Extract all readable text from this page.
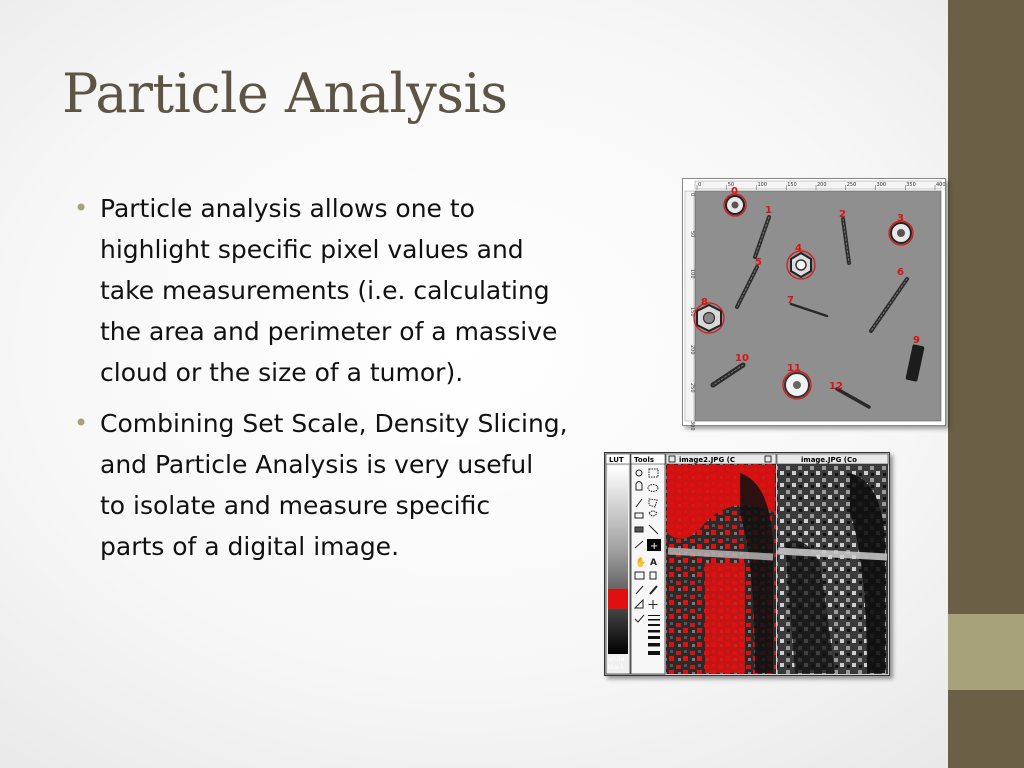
Particle Analysis
• Particle analysis allows one to
highlight specific pixel values and
take measurements (i.e. calculating
the area and perimeter of a massive
cloud or the size of a tumor).
• Combining Set Scale, Density Slicing,
and Particle Analysis is very useful
to isolate and measure specific
parts of a digital image.
0	50	100	150	200	250	300	350	400
0
50
100
150
200
250
300
0
1	2	3
4
5
6
7
8
9
10
11
12
LUT
white
black
Tools
+
✋ A
image2.JPG (C	image.JPG (Co
